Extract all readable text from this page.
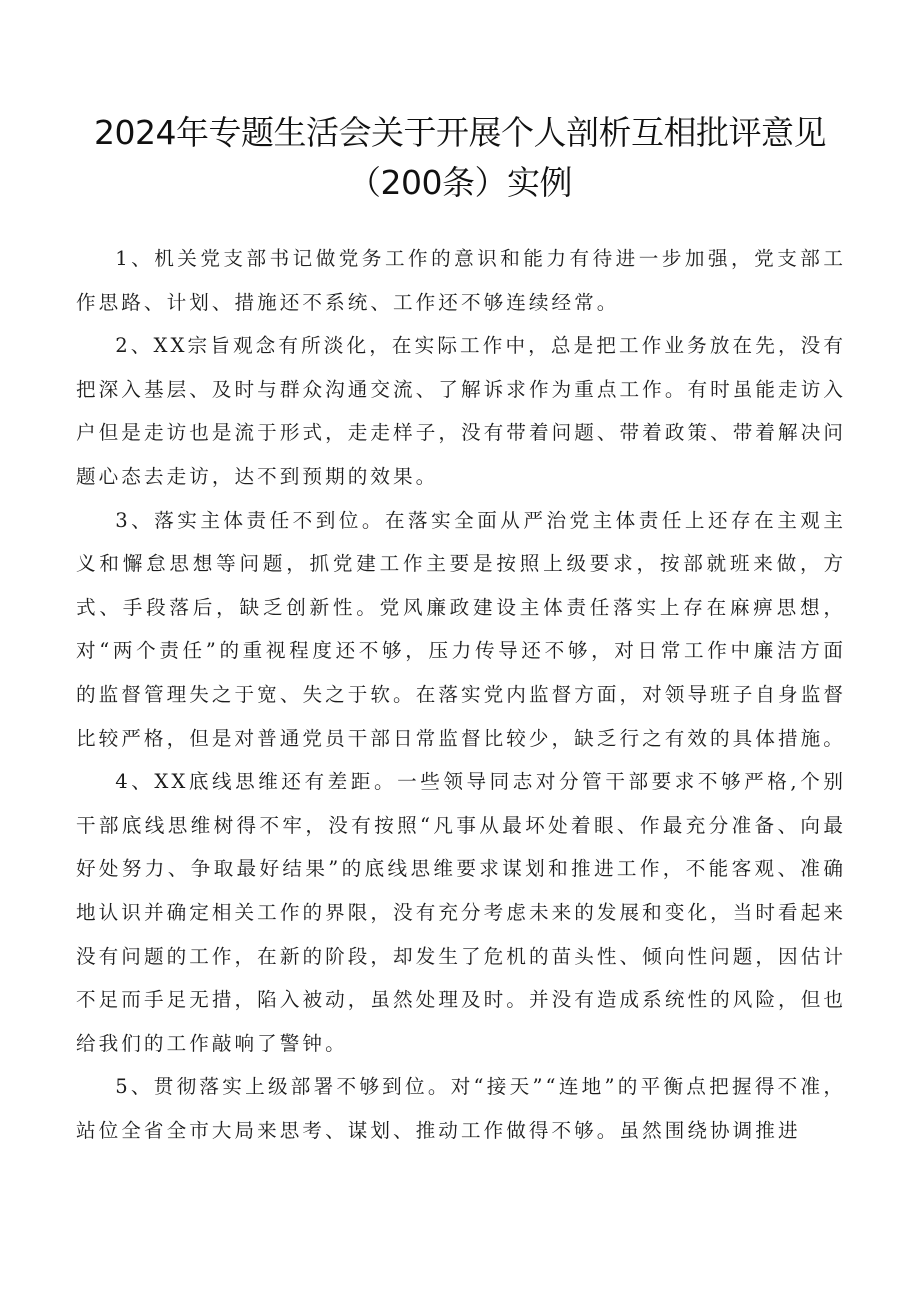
2024年专题生活会关于开展个人剖析互相批评意见（200条）实例

1、机关党支部书记做党务工作的意识和能力有待进一步加强，党支部工作思路、计划、措施还不系统、工作还不够连续经常。

2、XX宗旨观念有所淡化，在实际工作中，总是把工作业务放在先，没有把深入基层、及时与群众沟通交流、了解诉求作为重点工作。有时虽能走访入户但是走访也是流于形式，走走样子，没有带着问题、带着政策、带着解决问题心态去走访，达不到预期的效果。

3、落实主体责任不到位。在落实全面从严治党主体责任上还存在主观主义和懈怠思想等问题，抓党建工作主要是按照上级要求，按部就班来做，方式、手段落后，缺乏创新性。党风廉政建设主体责任落实上存在麻痹思想，对“两个责任”的重视程度还不够，压力传导还不够，对日常工作中廉洁方面的监督管理失之于宽、失之于软。在落实党内监督方面，对领导班子自身监督比较严格，但是对普通党员干部日常监督比较少，缺乏行之有效的具体措施。

4、XX底线思维还有差距。一些领导同志对分管干部要求不够严格,个别干部底线思维树得不牢，没有按照“凡事从最坏处着眼、作最充分准备、向最好处努力、争取最好结果”的底线思维要求谋划和推进工作，不能客观、准确地认识并确定相关工作的界限，没有充分考虑未来的发展和变化，当时看起来没有问题的工作，在新的阶段，却发生了危机的苗头性、倾向性问题，因估计不足而手足无措，陷入被动，虽然处理及时。并没有造成系统性的风险，但也给我们的工作敲响了警钟。

5、贯彻落实上级部署不够到位。对“接天”“连地”的平衡点把握得不准，站位全省全市大局来思考、谋划、推动工作做得不够。虽然围绕协调推进
